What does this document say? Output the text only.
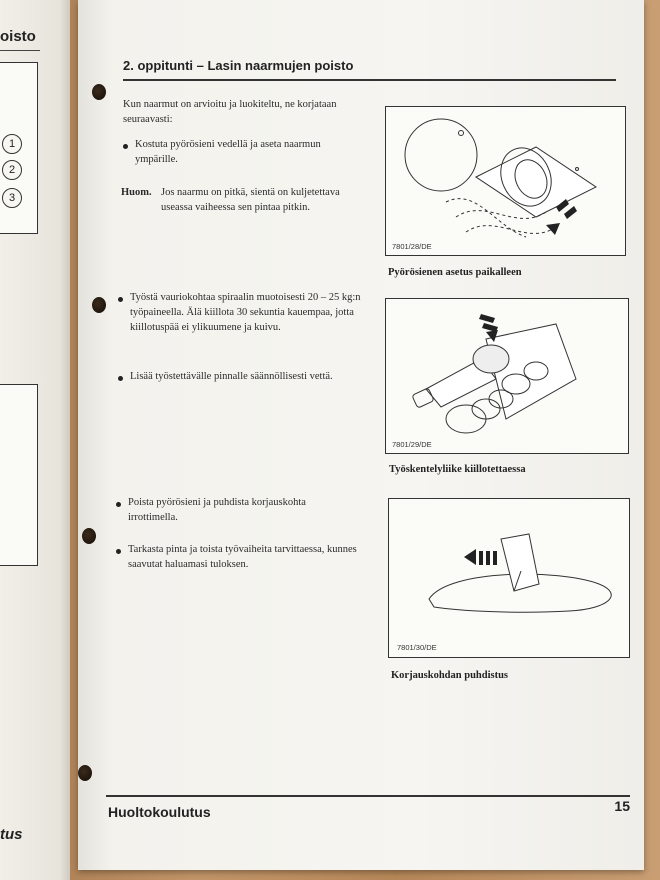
oisto
1
2
3
tus
2. oppitunti – Lasin naarmujen poisto
Kun naarmut on arvioitu ja luokiteltu, ne korjataan seuraavasti:
Kostuta pyörösieni vedellä ja aseta naarmun ympärille.
Huom. Jos naarmu on pitkä, sientä on kuljetettava useassa vaiheessa sen pintaa pitkin.
Työstä vauriokohtaa spiraalin muotoisesti 20 – 25 kg:n työpaineella. Älä kiillota 30 sekuntia kauempaa, jotta kiillotuspää ei ylikuumene ja kuivu.
Lisää työstettävälle pinnalle säännöllisesti vettä.
Poista pyörösieni ja puhdista korjauskohta irrottimella.
Tarkasta pinta ja toista työvaiheita tarvittaessa, kunnes saavutat haluamasi tuloksen.
7801/28/DE
Pyörösienen asetus paikalleen
7801/29/DE
Työskentelyliike kiillotettaessa
7801/30/DE
Korjauskohdan puhdistus
Huoltokoulutus	15
